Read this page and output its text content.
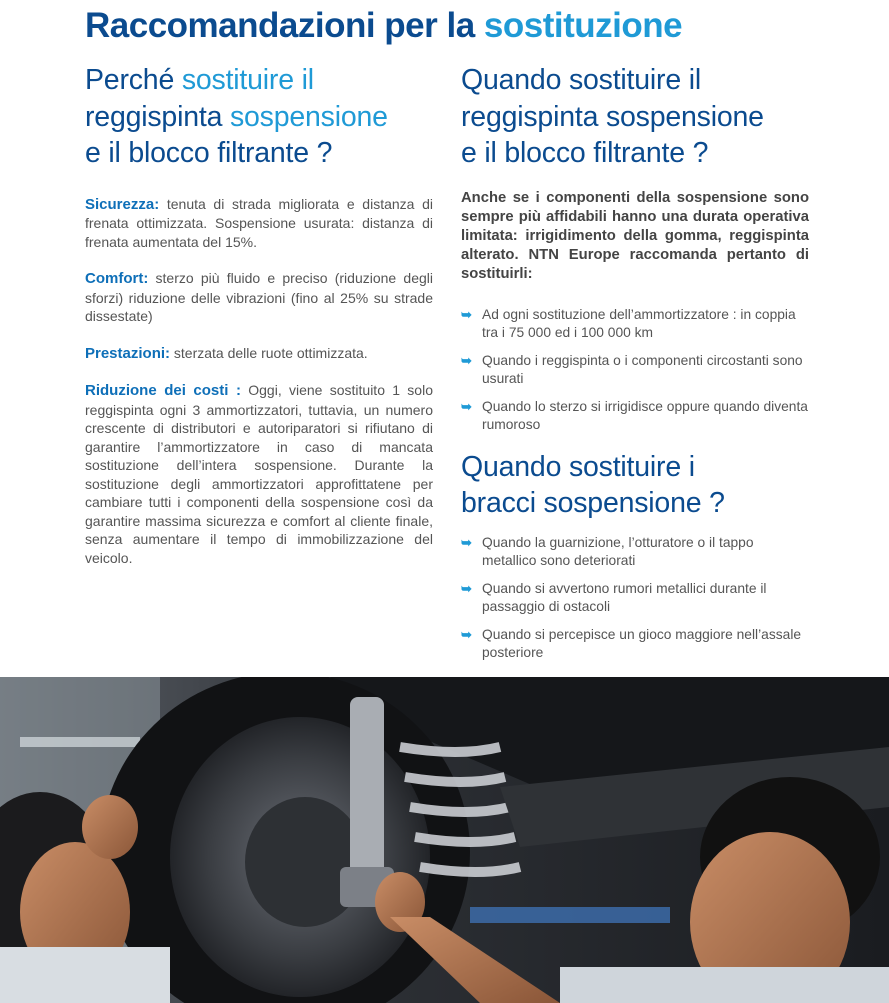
Raccomandazioni per la sostituzione
Perché sostituire il
reggispinta sospensione
e il blocco filtrante ?

Sicurezza: tenuta di strada migliorata e distanza di frenata ottimizzata. Sospensione usurata: distanza di frenata aumentata del 15%.

Comfort: sterzo più fluido e preciso (riduzione degli sforzi) riduzione delle vibrazioni (fino al 25% su strade dissestate)

Prestazioni: sterzata delle ruote ottimizzata.

Riduzione dei costi : Oggi, viene sostituito 1 solo reggispinta ogni 3 ammortizzatori, tuttavia, un numero crescente di distributori e autoriparatori si rifiutano di garantire l’ammortizzatore in caso di mancata sostituzione dell’intera sospensione. Durante la sostituzione degli ammortizzatori approfittatene per cambiare tutti i componenti della sospensione così da garantire massima sicurezza e comfort al cliente finale, senza aumentare il tempo di immobilizzazione del veicolo.

Quando sostituire il
reggispinta sospensione
e il blocco filtrante ?

Anche se i componenti della sospensione sono sempre più affidabili hanno una durata operativa limitata: irrigidimento della gomma, reggispinta alterato. NTN Europe raccomanda pertanto di sostituirli:

➥ Ad ogni sostituzione dell’ammortizzatore : in coppia tra i 75 000 ed i 100 000 km
➥ Quando i reggispinta o i componenti circostanti sono usurati
➥ Quando lo sterzo si irrigidisce oppure quando diventa rumoroso
Quando sostituire i
bracci sospensione ?
➥ Quando la guarnizione, l’otturatore o il tappo metallico sono deteriorati
➥ Quando si avvertono rumori metallici durante il passaggio di ostacoli
➥ Quando si percepisce un gioco maggiore nell’assale posteriore
